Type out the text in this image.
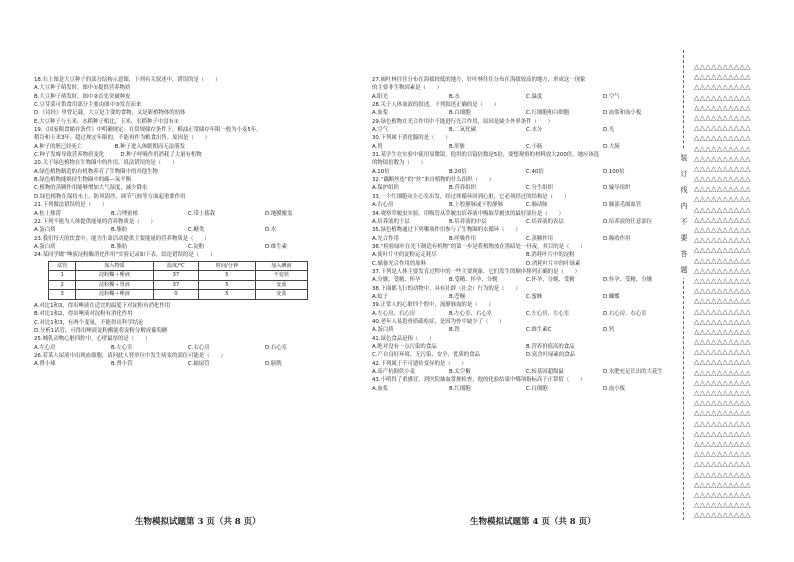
18.右上图是大豆种子的部分结构示意图，下列有关叙述中，错误的是（　　）
A.大豆种子萌发时，图中①提供营养物质
B.大豆种子萌发时，图中②首先突破种皮
C.豆芽菜可供食用部分主要由图中③发育而来
D.《诗经》里曾记载，大豆是主要的食物，又是新植物体的幼体
E.大豆种子与玉米、水稻种子相比，玉米、水稻种子中没有①
19.《国家粮食储存条件》中明确规定：在常规储存条件下，粮油正常储存年限一般为小麦5年，
稻谷和玉米3年。超过规定年限的，不能再作为粮食出售。原因是（　　）
A.种子的胚已经死亡　　　　　　B.种子进入休眠期而无法萌发
C.种子发霉导致营养物质变化　　　D.种子呼吸作用消耗了大量有机物
20.关于绿色植物在生物圈中的作用，说法错误的是（　　）
A.绿色植物制造的有机物养育了生物圈中的其他生物
B.绿色植物能维持生物圈中的碳—氧平衡
C.植物的蒸腾作用能够增加大气湿度，减少降水
D.绿色植物在保持水土、防风固沙、调节气候等方面起重要作用
21.下列做法错误的是（　　）
A.松土排涝	B.合理密植	C.带土移栽	D.地膜覆盖
22.下列不能为人体提供能量的营养物质是（　　）
A.蛋白质	B.脂肪	C.糖类	D.水
23.我们每天的饮食中，能为生命活动提供主要能量的营养物质是（　　）
A.蛋白质	B.脂肪	C.淀粉	D.维生素
24.某同学做“唾液淀粉酶消化作用”实验记录如下表，结论错误的是（　　）
试管	加入物质	温度/℃	时间/分钟	加入碘液
1	淀粉糊＋唾液	37	5	不变蓝
2	淀粉糊＋胃液	37	5	变蓝
3	淀粉糊＋唾液	0	5	变蓝
A.对比1和3，得出唾液在适宜的温度下对淀粉有消化作用
B.对比1和2，得出唾液对淀粉有消化作用
C.对比1和3，有两个变量，不能得出科学结论
D.分析1试管，可得出唾液淀粉酶能将淀粉分解成葡萄糖
25.哺乳动物心脏四腔中，心壁最厚的是（　　）
A.左心房	B.左心室	C.右心房	D.右心室
26.若某人尿液中出现血细胞，请问此人肾单位中发生病变的部位可能是（　　）
A.肾小球	B.肾小管	C.输尿管	D.膀胱
生物模拟试题第 3 页（共 8 页）
27.阔叶林往往分布在海拔较低的地方，针叶林往往分布在海拔较高的地方，形成这一现象
的主要非生物因素是（　　）
A.阳光	B.水	C.温度	D.空气
28.关于人体血液的叙述，下列叙述正确的是（　　）
A.血浆	B.白细胞	C.红细胞和白细胞	D.血浆和血小板
29.绿色植物在光合作用中不能进行光合作用，原因是缺少外界条件（　　）
A.空气	B.二氧化碳	C.水分	D.光
30.下列属于消化腺的是（　　）
A.胃	B.肝脏	C.小肠	D.大肠
31.某学生在实验中使用显微镜，他用的目镜倍数是5倍，要想观察的材料放大200倍，她应该选
的物镜倍数为（　　）
A.10倍	B.20倍	C.40倍	D.100倍
32.“藕断丝连”的“丝”来自植物的什么组织（　　）
A.保护组织	B.营养组织	C.分生组织	D.输导组织
33.一个红细胞从左心室出发，经过体循环回到心脏，它必须经过的结构是（　　）
A.右心房	B.上腔静脉或下腔静脉	C.肺动脉	D.肺部毛细血管
34.观察草履虫实验，用吸管从草履虫培养液中吸取草履虫的最好部位是（　　）
A.培养液的下层	B.培养液的中层	C.培养液的表层	D.培养液的任意部位
35.绿色植物通过下列哪项作用参与了生物圈的水循环（　　）
A.光合作用	B.呼吸作用	C.蒸腾作用	D.吸收作用
36.“检验绿叶在光下制造有机物”的第一步是将植物放在黑暗处一昼夜，其目的是（　　）
A.使叶片中的淀粉运走耗尽	B.消耗叶片中的淀粉
C.储备光合作用的原料	D.消耗叶片中的叶绿素
37.下列是人体主要发育过程中的一些主要现象，它们发生的顺序排列正确的是（　　）
A.分娩、受精、怀孕	B.受精、怀孕、分娩	C.怀孕、分娩、受精	D.怀孕、受精、分娩
38.下面都飞行的动物中，具有社群（社会）行为的是（　　）
A.蚊子	B.苍蝇	C.蜜蜂	D.蝴蝶
39.正常人的心脏四个腔中，流静脉血的是（　　）
A.左心房、右心房	B.左心室、右心室	C.左心房、左心室	D.右心房、右心室
40.老年人易患骨质疏松症，是因为骨中缺少了（　　）
A.蛋白质	B.铁	C.维生素C	D.钙
41.绿色食品是指（　　）
A.绝对没有一点污染的食品	B.营养价值高的食品
C.产自良好环境、无污染、安全、优质的食品	D.富含叶绿素的食品
42.下列属于不可遗传变异的是（　　）
A.高产抗倒伏小麦	B.太空椒	C.转基因超级鼠	D.水肥充足长出的大花生
43.小明得了重感冒，到医院抽血常规检查，他的化验结果中哪项指标高于正常值（　　）
A.血浆	B.红细胞	C.白细胞	D.血小板
生物模拟试题第 4 页（共 8 页）
装
订
线
内
不
要
答
题
△△△△△△△△△△
△△△△△△△△△△
△△△△△△△△△△
△△△△△△△△△△
△△△△△△△△△△
△△△△△△△△△△
△△△△△△△△△△
△△△△△△△△△△
△△△△△△△△△△
△△△△△△△△△△
△△△△△△△△△△
△△△△△△△△△△
△△△△△△△△△△
△△△△△△△△△△
△△△△△△△△△△
△△△△△△△△△△
△△△△△△△△△△
△△△△△△△△△△
△△△△△△△△△△
△△△△△△△△△△
△△△△△△△△△△
△△△△△△△△△△
△△△△△△△△△△
△△△△△△△△△△
△△△△△△△△△△
△△△△△△△△△△
△△△△△△△△△△
△△△△△△△△△△
△△△△△△△△△△
△△△△△△△△△△
△△△△△△△△△△
△△△△△△△△△△
△△△△△△△△△△
△△△△△△△△△△
△△△△△△△△△△
△△△△△△△△△△
△△△△△△△△△△
△△△△△△△△△△
△△△△△△△△△△
△△△△△△△△△△
△△△△△△△△△△
△△△△△△△△△△
△△△△△△△△△△
△△△△△△△△△△
△△△△△△△△△△
